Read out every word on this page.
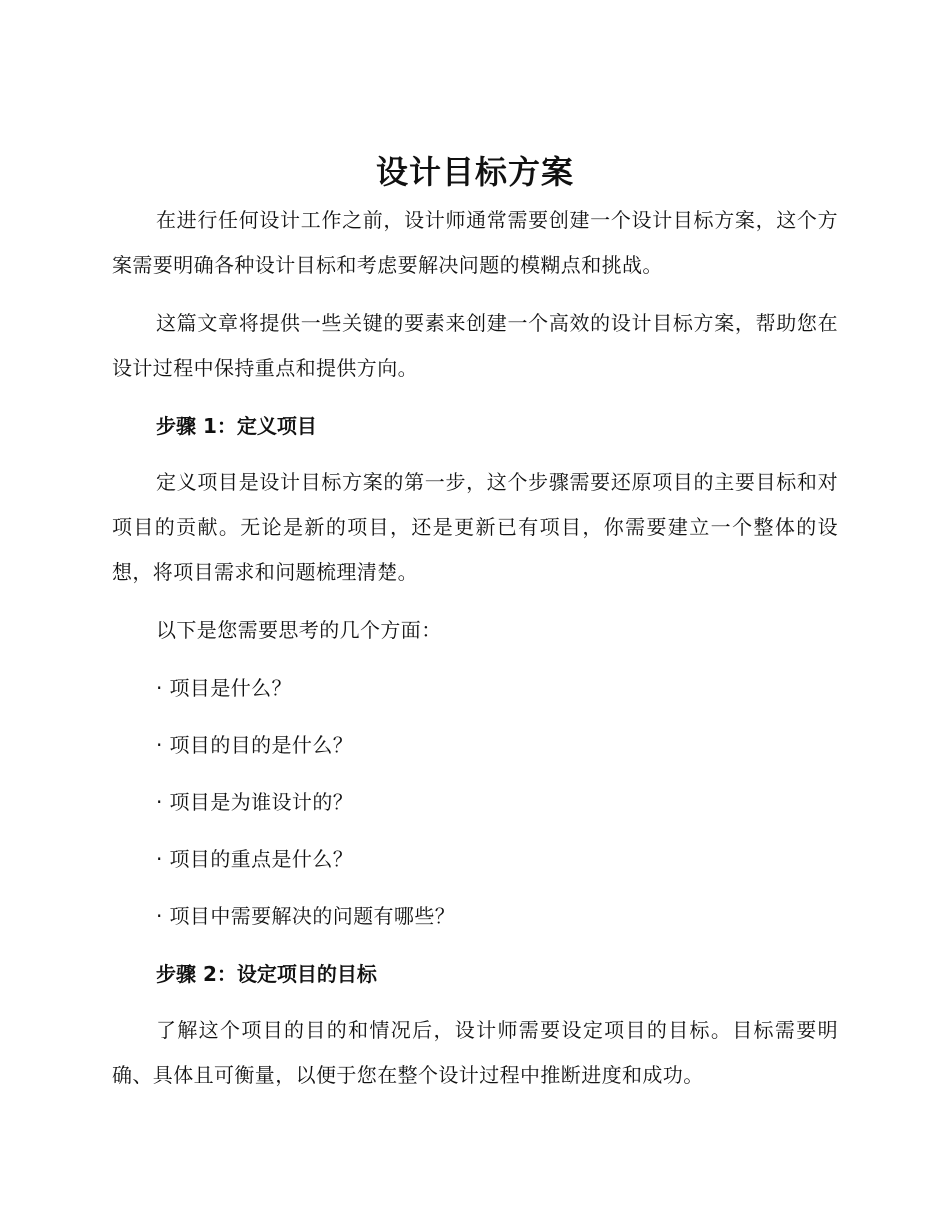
设计目标方案

在进行任何设计工作之前，设计师通常需要创建一个设计目标方案，这个方案需要明确各种设计目标和考虑要解决问题的模糊点和挑战。

这篇文章将提供一些关键的要素来创建一个高效的设计目标方案，帮助您在设计过程中保持重点和提供方向。

步骤 1：定义项目

定义项目是设计目标方案的第一步，这个步骤需要还原项目的主要目标和对项目的贡献。无论是新的项目，还是更新已有项目，你需要建立一个整体的设想，将项目需求和问题梳理清楚。

以下是您需要思考的几个方面：

· 项目是什么？

· 项目的目的是什么？

· 项目是为谁设计的？

· 项目的重点是什么？

· 项目中需要解决的问题有哪些？

步骤 2：设定项目的目标

了解这个项目的目的和情况后，设计师需要设定项目的目标。目标需要明确、具体且可衡量，以便于您在整个设计过程中推断进度和成功。
